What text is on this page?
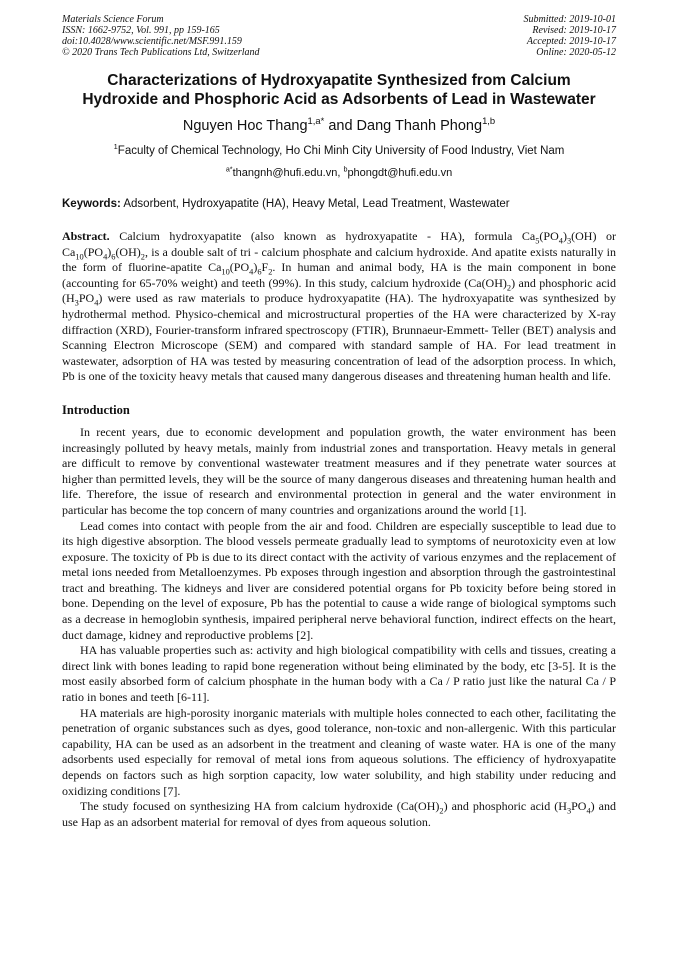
Materials Science Forum
ISSN: 1662-9752, Vol. 991, pp 159-165
doi:10.4028/www.scientific.net/MSF.991.159
© 2020 Trans Tech Publications Ltd, Switzerland
Submitted: 2019-10-01
Revised: 2019-10-17
Accepted: 2019-10-17
Online: 2020-05-12
Characterizations of Hydroxyapatite Synthesized from Calcium
Hydroxide and Phosphoric Acid as Adsorbents of Lead in Wastewater
Nguyen Hoc Thang$^{1,a*}$ and Dang Thanh Phong$^{1,b}$
$^1$Faculty of Chemical Technology, Ho Chi Minh City University of Food Industry, Viet Nam
$^{a*}$thangnh@hufi.edu.vn, $^b$phongdt@hufi.edu.vn
Keywords: Adsorbent, Hydroxyapatite (HA), Heavy Metal, Lead Treatment, Wastewater
Abstract. Calcium hydroxyapatite (also known as hydroxyapatite - HA), formula $Ca_5(PO_4)_3(OH)$ or $Ca_{10}(PO_4)_6(OH)_2$, is a double salt of tri - calcium phosphate and calcium hydroxide. And apatite exists naturally in the form of fluorine-apatite $Ca_{10}(PO_4)_6F_2$. In human and animal body, HA is the main component in bone (accounting for 65-70% weight) and teeth (99%). In this study, calcium hydroxide $(Ca(OH)_2)$ and phosphoric acid $(H_3PO_4)$ were used as raw materials to produce hydroxyapatite (HA). The hydroxyapatite was synthesized by hydrothermal method. Physico-chemical and microstructural properties of the HA were characterized by X-ray diffraction (XRD), Fourier-transform infrared spectroscopy (FTIR), Brunnaeur-Emmett- Teller (BET) analysis and Scanning Electron Microscope (SEM) and compared with standard sample of HA. For lead treatment in wastewater, adsorption of HA was tested by measuring concentration of lead of the adsorption process. In which, Pb is one of the toxicity heavy metals that caused many dangerous diseases and threatening human health and life.
Introduction

In recent years, due to economic development and population growth, the water environment has been increasingly polluted by heavy metals, mainly from industrial zones and transportation. Heavy metals in general are difficult to remove by conventional wastewater treatment measures and if they penetrate water sources at higher than permitted levels, they will be the source of many dangerous diseases and threatening human health and life. Therefore, the issue of research and environmental protection in general and the water environment in particular has become the top concern of many countries and organizations around the world [1].

Lead comes into contact with people from the air and food. Children are especially susceptible to lead due to its high digestive absorption. The blood vessels permeate gradually lead to symptoms of neurotoxicity even at low exposure. The toxicity of Pb is due to its direct contact with the activity of various enzymes and the replacement of metal ions needed from Metalloenzymes. Pb exposes through ingestion and absorption through the gastrointestinal tract and breathing. The kidneys and liver are considered potential organs for Pb toxicity before being stored in bone. Depending on the level of exposure, Pb has the potential to cause a wide range of biological symptoms such as a decrease in hemoglobin synthesis, impaired peripheral nerve behavioral function, indirect effects on the heart, duct damage, kidney and reproductive problems [2].

HA has valuable properties such as: activity and high biological compatibility with cells and tissues, creating a direct link with bones leading to rapid bone regeneration without being eliminated by the body, etc [3-5]. It is the most easily absorbed form of calcium phosphate in the human body with a Ca / P ratio just like the natural Ca / P ratio in bones and teeth [6-11].

HA materials are high-porosity inorganic materials with multiple holes connected to each other, facilitating the penetration of organic substances such as dyes, good tolerance, non-toxic and non-allergenic. With this particular capability, HA can be used as an adsorbent in the treatment and cleaning of waste water. HA is one of the many adsorbents used especially for removal of metal ions from aqueous solutions. The efficiency of hydroxyapatite depends on factors such as high sorption capacity, low water solubility, and high stability under reducing and oxidizing conditions [7].

The study focused on synthesizing HA from calcium hydroxide $(Ca(OH)_2)$ and phosphoric acid $(H_3PO_4)$ and use Hap as an adsorbent material for removal of dyes from aqueous solution.
